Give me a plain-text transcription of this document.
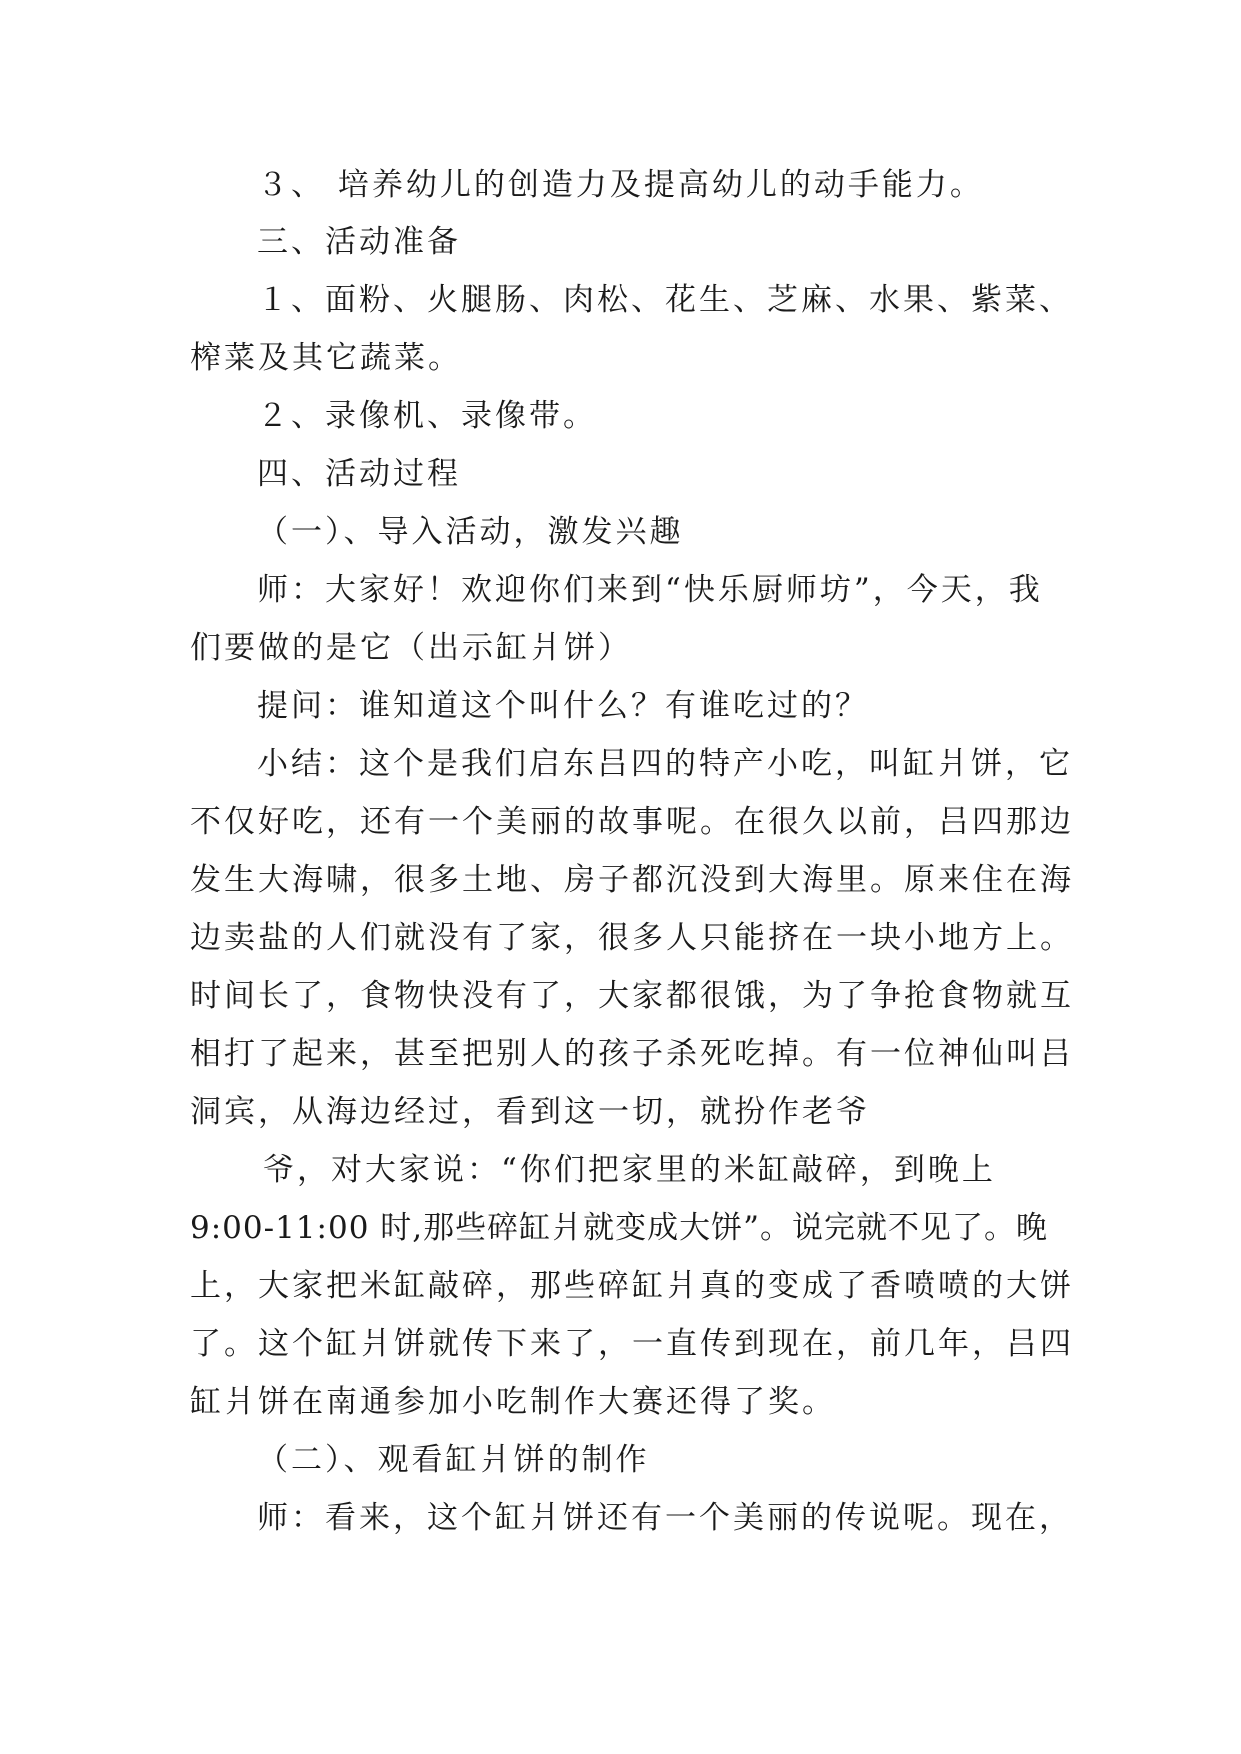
３、 培养幼儿的创造力及提高幼儿的动手能力。

三、活动准备

１、面粉、火腿肠、肉松、花生、芝麻、水果、紫菜、

榨菜及其它蔬菜。

２、录像机、录像带。

四、活动过程

（一）、导入活动，激发兴趣

师：大家好！欢迎你们来到“快乐厨师坊”，今天，我

们要做的是它（出示缸爿饼）

提问：谁知道这个叫什么？有谁吃过的？

小结：这个是我们启东吕四的特产小吃，叫缸爿饼，它

不仅好吃，还有一个美丽的故事呢。在很久以前，吕四那边

发生大海啸，很多土地、房子都沉没到大海里。原来住在海

边卖盐的人们就没有了家，很多人只能挤在一块小地方上。

时间长了，食物快没有了，大家都很饿，为了争抢食物就互

相打了起来，甚至把别人的孩子杀死吃掉。有一位神仙叫吕

洞宾，从海边经过，看到这一切，就扮作老爷

爷，对大家说：“你们把家里的米缸敲碎，到晚上

9:00-11:00 时,那些碎缸爿就变成大饼”。说完就不见了。晚

上，大家把米缸敲碎，那些碎缸爿真的变成了香喷喷的大饼

了。这个缸爿饼就传下来了，一直传到现在，前几年，吕四

缸爿饼在南通参加小吃制作大赛还得了奖。

（二）、观看缸爿饼的制作

师：看来，这个缸爿饼还有一个美丽的传说呢。现在，
